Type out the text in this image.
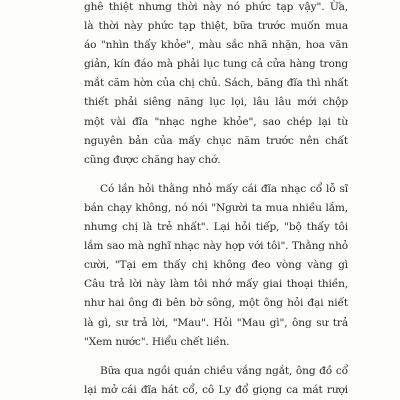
ghê thiệt nhưng thời này nó phức tạp vậy". Ừa,
là thời này phức tạp thiệt, bữa trước muốn mua
áo "nhìn thấy khỏe", màu sắc nhã nhặn, hoa văn
giản, kín đáo mà phải lục tung cả cửa hàng trong
mắt căm hờn của chị chủ. Sách, băng đĩa thì nhất
thiết phải siêng năng lục lọi, lâu lâu mới chộp
một vài đĩa "nhạc nghe khỏe", sao chép lại từ
nguyên bản của mấy chục năm trước nên chất
cũng được chăng hay chớ.
Có lần hỏi thằng nhỏ mấy cái đĩa nhạc cổ lỗ sĩ
bán chạy không, nó nói "Người ta mua nhiều lắm,
nhưng chị là trẻ nhất". Lại hỏi tiếp, "bộ thấy tôi
lắm sao mà nghĩ nhạc này hợp với tôi". Thằng nhỏ
cười, "Tại em thấy chị không đeo vòng vàng gì
Câu trả lời này làm tôi nhớ mấy giai thoại thiền,
như hai ông đi bên bờ sông, một ông hỏi đại niết
là gì, sư trả lời, "Mau". Hỏi "Mau gì", ông sư trả
"Xem nước". Hiểu chết liền.
Bữa qua ngồi quán chiều vắng ngắt, ông đồ cổ
lại mở cái đĩa hát cổ, cô Ly đổ giọng ca mát rượi
